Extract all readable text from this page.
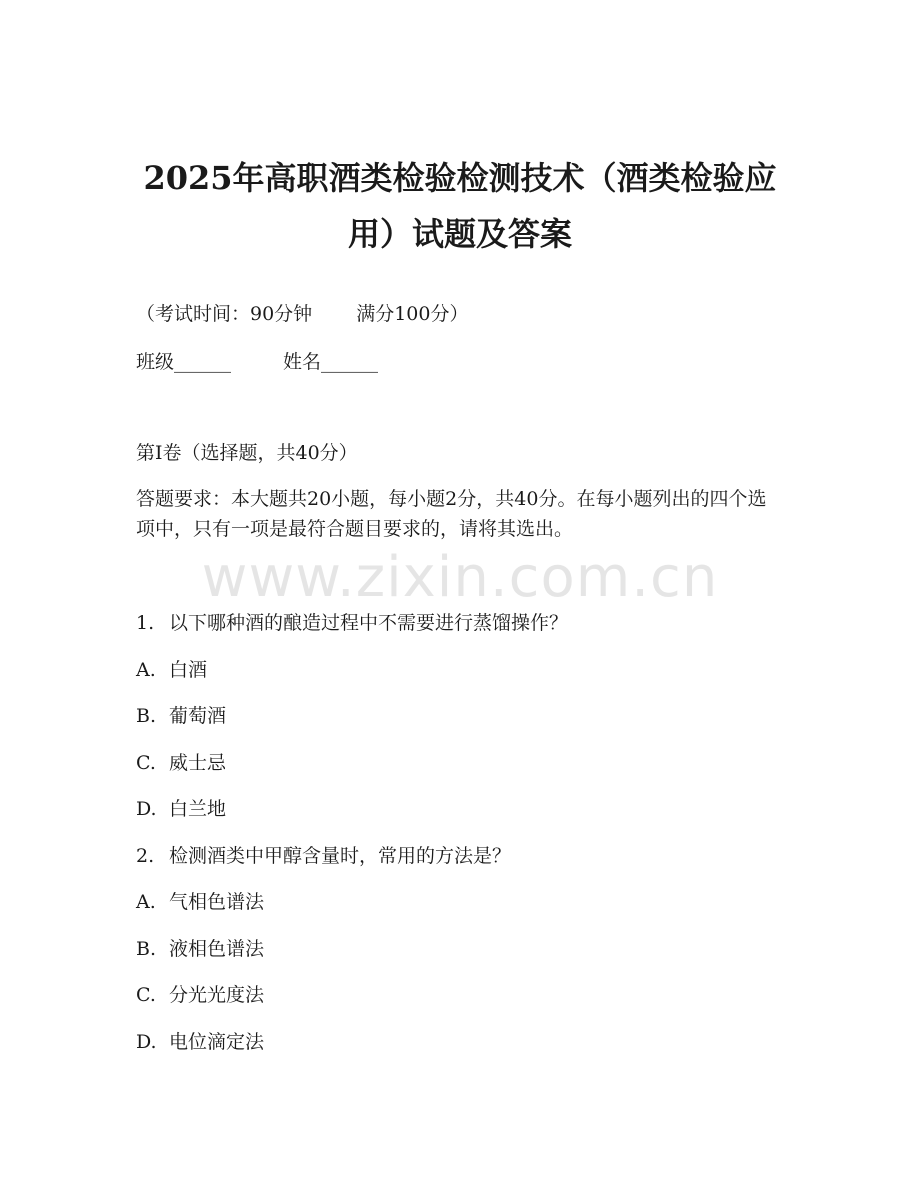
2025年高职酒类检验检测技术（酒类检验应
用）试题及答案

（考试时间：90分钟 满分100分）

班级______	姓名______

第I卷（选择题，共40分）

答题要求：本大题共20小题，每小题2分，共40分。在每小题列出的四个选项中，只有一项是最符合题目要求的，请将其选出。

www.zixin.com.cn

1. 以下哪种酒的酿造过程中不需要进行蒸馏操作？

A. 白酒

B. 葡萄酒

C. 威士忌

D. 白兰地

2. 检测酒类中甲醇含量时，常用的方法是？

A. 气相色谱法

B. 液相色谱法

C. 分光光度法

D. 电位滴定法
